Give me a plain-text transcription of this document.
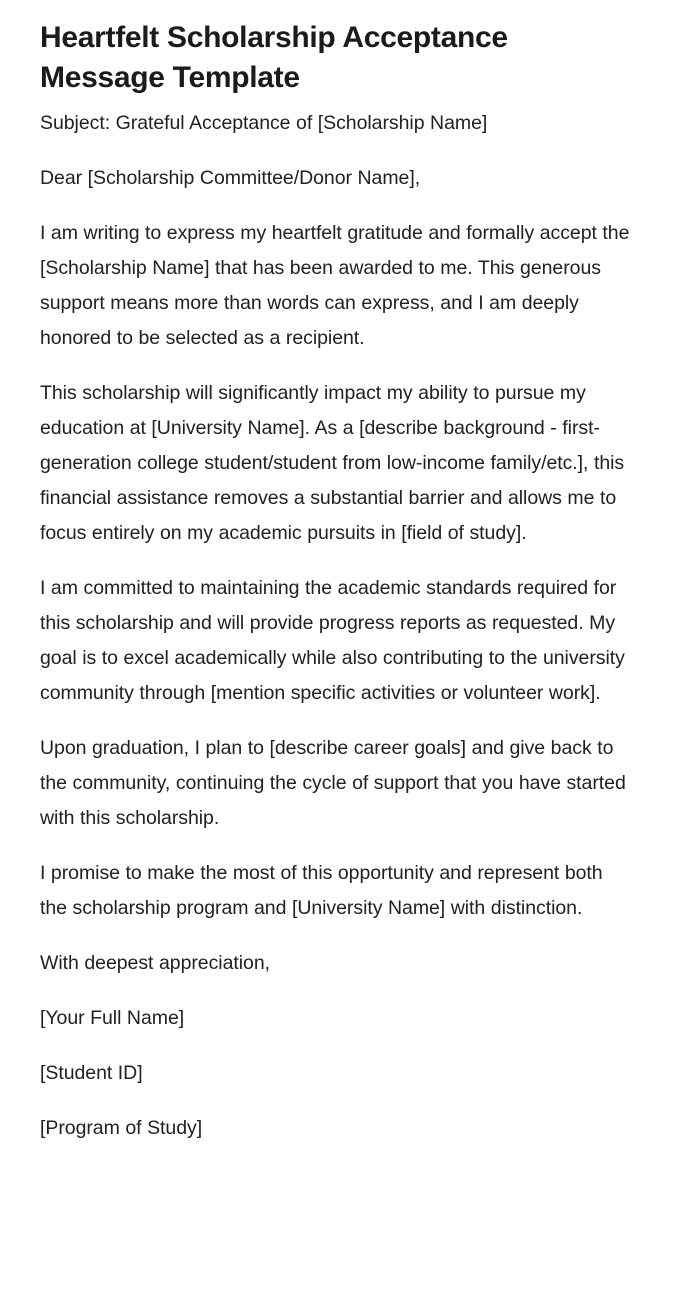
Heartfelt Scholarship Acceptance Message Template

Subject: Grateful Acceptance of [Scholarship Name]

Dear [Scholarship Committee/Donor Name],

I am writing to express my heartfelt gratitude and formally accept the [Scholarship Name] that has been awarded to me. This generous support means more than words can express, and I am deeply honored to be selected as a recipient.

This scholarship will significantly impact my ability to pursue my education at [University Name]. As a [describe background - first-generation college student/student from low-income family/etc.], this financial assistance removes a substantial barrier and allows me to focus entirely on my academic pursuits in [field of study].

I am committed to maintaining the academic standards required for this scholarship and will provide progress reports as requested. My goal is to excel academically while also contributing to the university community through [mention specific activities or volunteer work].

Upon graduation, I plan to [describe career goals] and give back to the community, continuing the cycle of support that you have started with this scholarship.

I promise to make the most of this opportunity and represent both the scholarship program and [University Name] with distinction.

With deepest appreciation,

[Your Full Name]

[Student ID]

[Program of Study]
